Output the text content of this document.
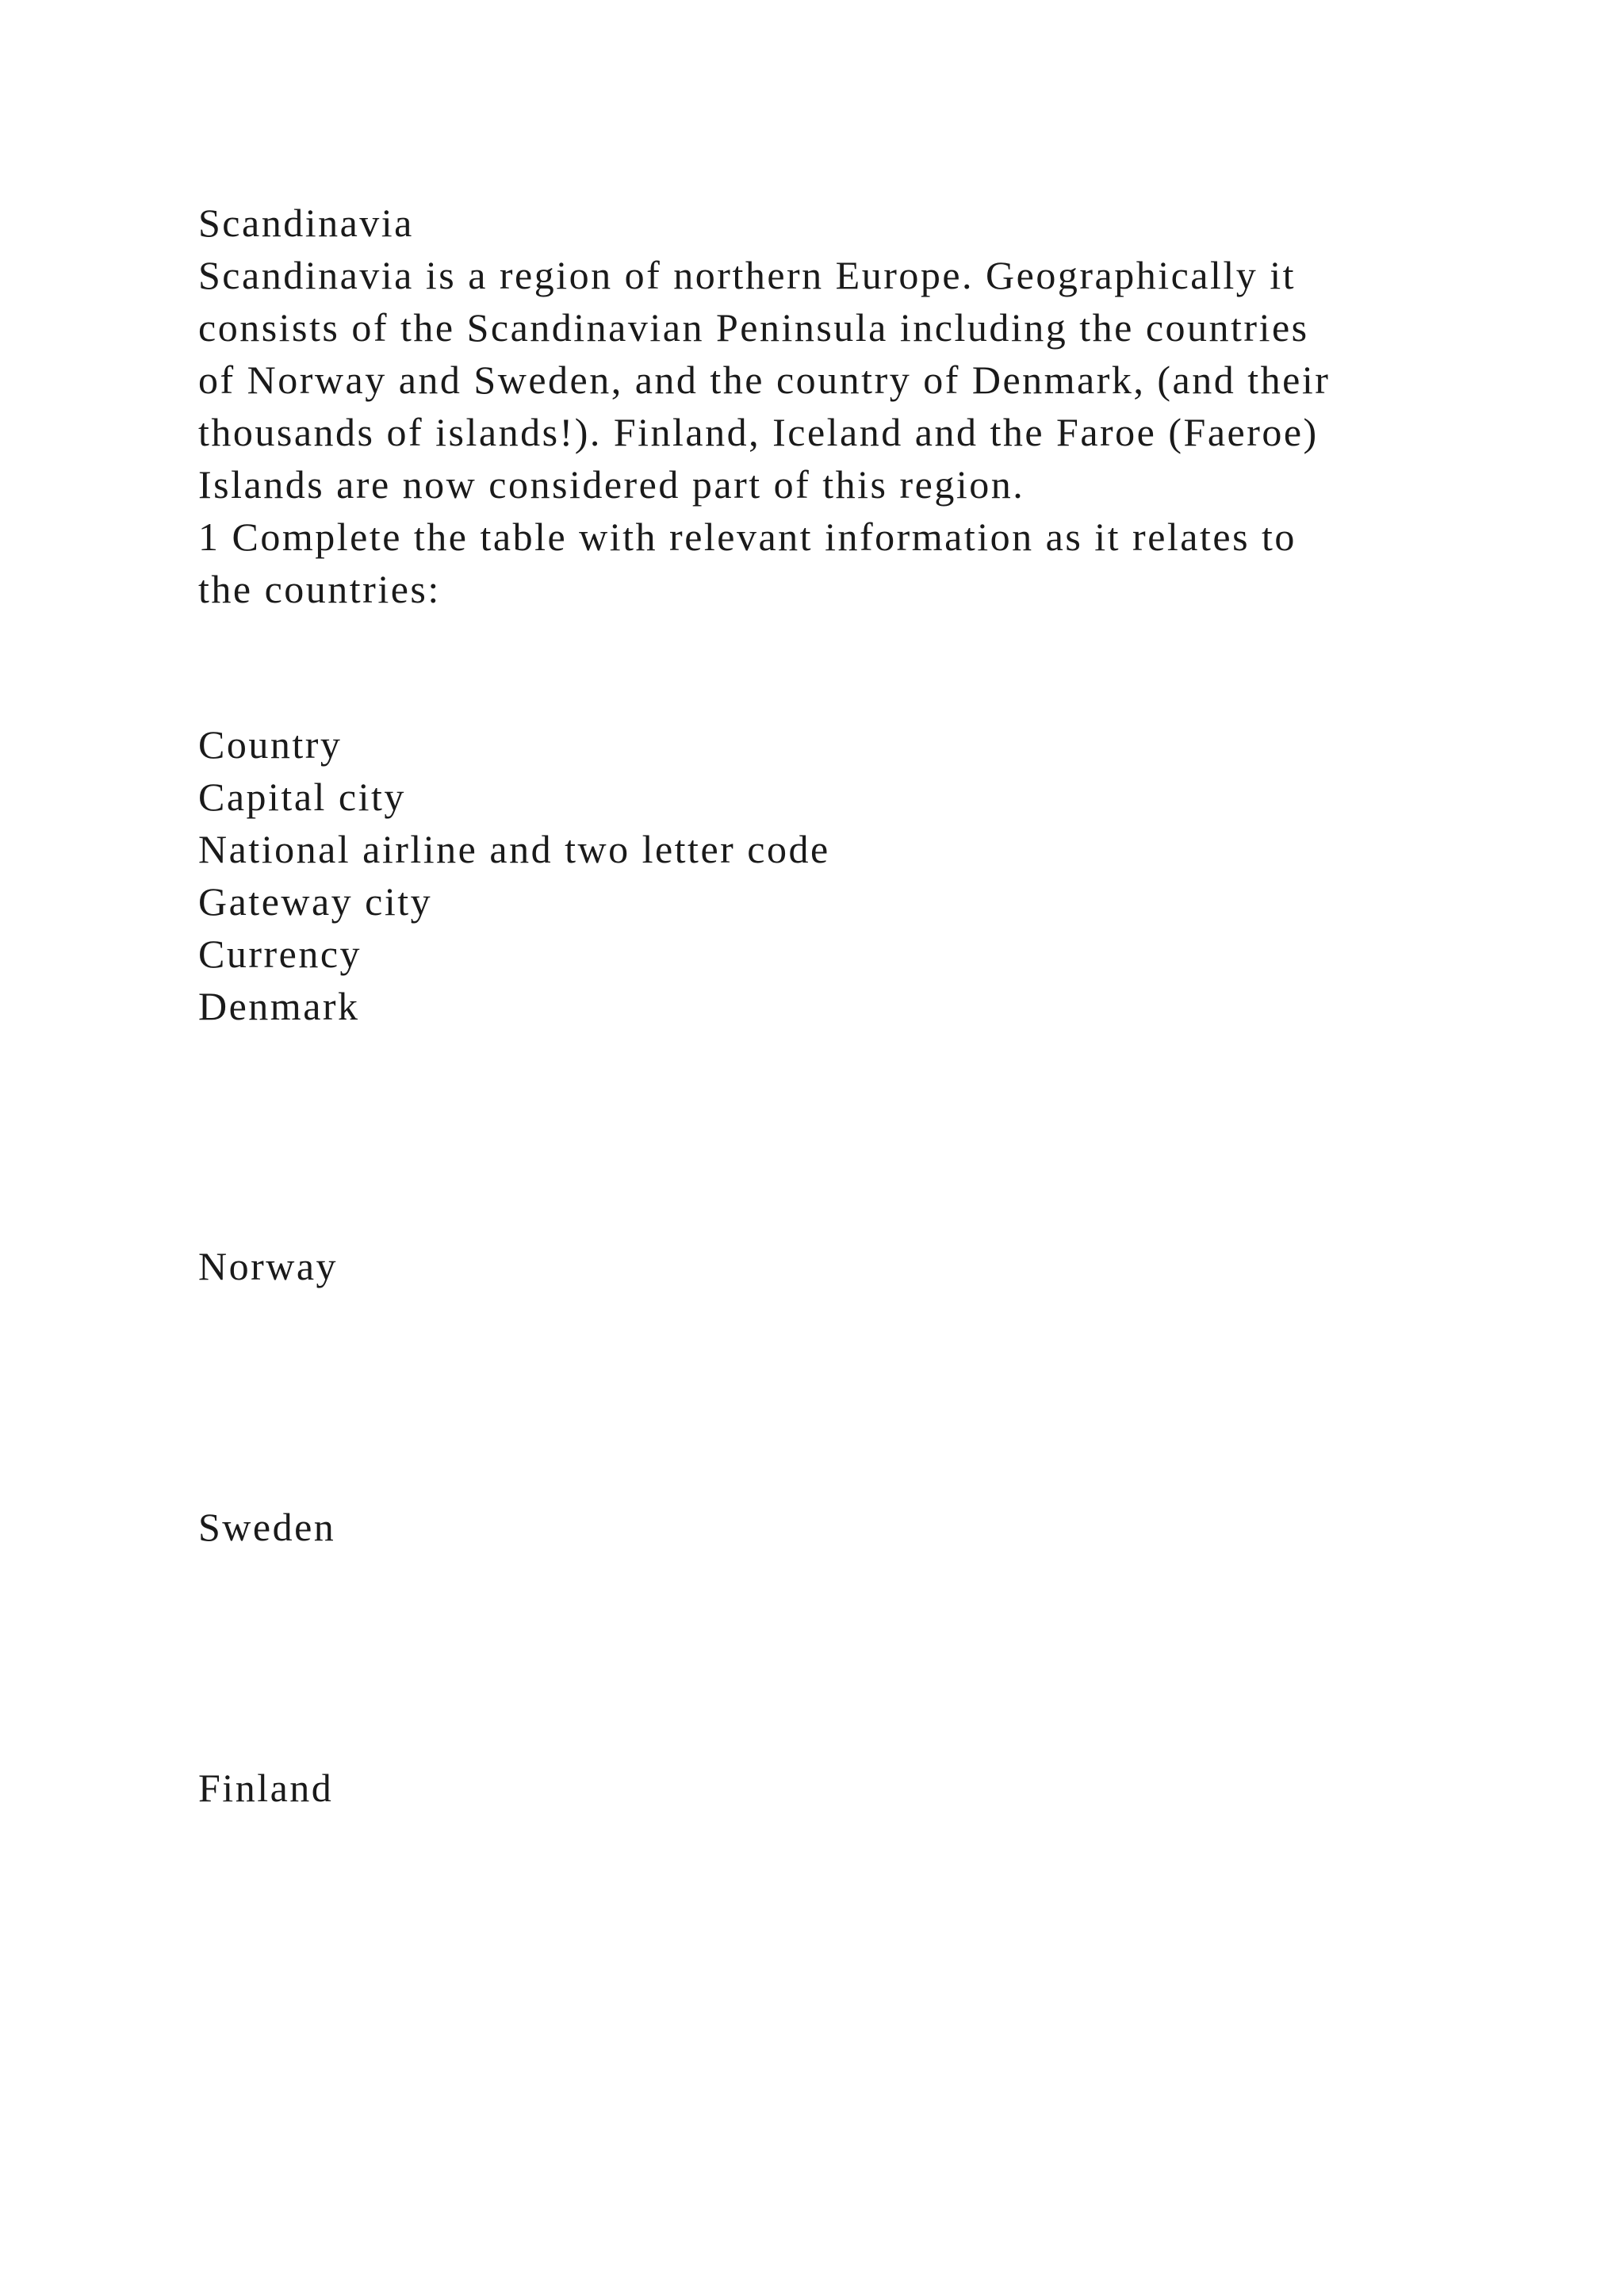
Scandinavia
Scandinavia is a region of northern Europe. Geographically it
consists of the Scandinavian Peninsula including the countries
of Norway and Sweden, and the country of Denmark, (and their
thousands of islands!). Finland, Iceland and the Faroe (Faeroe)
Islands are now considered part of this region.
1 Complete the table with relevant information as it relates to
the countries:
Country
Capital city
National airline and two letter code
Gateway city
Currency
Denmark
Norway
Sweden
Finland
